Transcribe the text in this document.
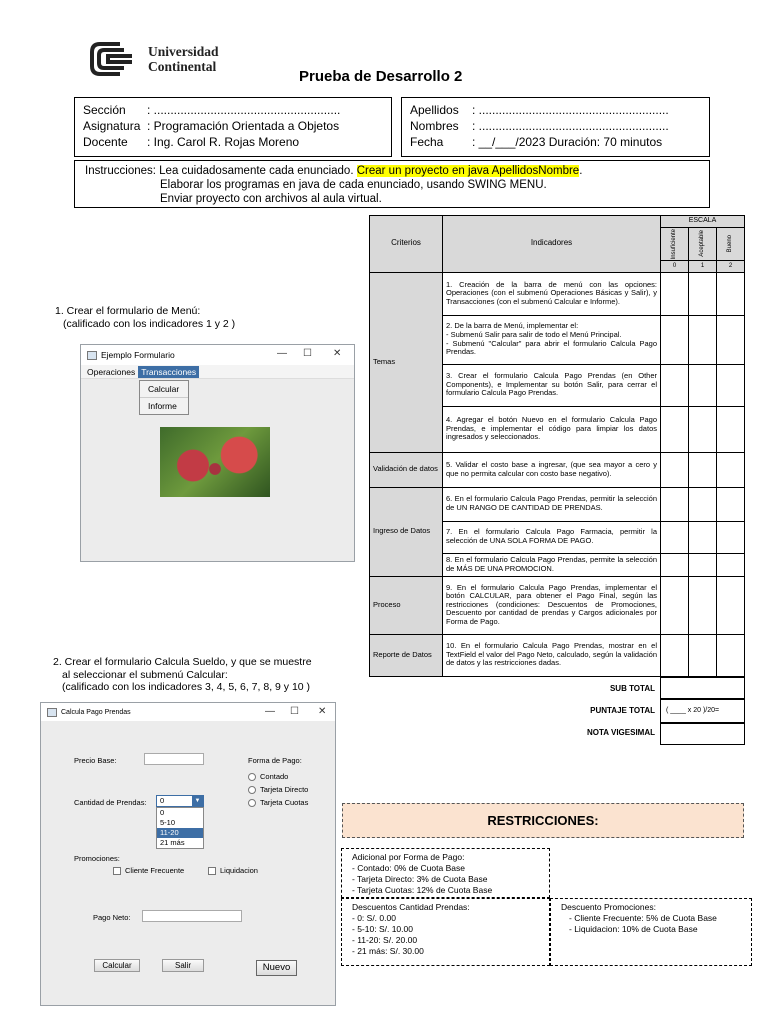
Universidad
Continental
Prueba de Desarrollo 2
Sección	: ........................................................
Asignatura : Programación Orientada a Objetos
Docente	: Ing. Carol R. Rojas Moreno
Apellidos	: .........................................................
Nombres	: .........................................................
Fecha	: __/___/2023 Duración: 70 minutos
Instrucciones: Lea cuidadosamente cada enunciado. Crear un proyecto en java ApellidosNombre.
Elaborar los programas en java de cada enunciado, usando SWING MENU.
Enviar proyecto con archivos al aula virtual.
1. Crear el formulario de Menú:
(calificado con los indicadores 1 y 2 )
Ejemplo Formulario	— ☐ ✕
Operaciones Transacciones
Calcular
Informe
2. Crear el formulario Calcula Sueldo, y que se muestre
al seleccionar el submenú Calcular:
(calificado con los indicadores 3, 4, 5, 6, 7, 8, 9 y 10 )
Calcula Pago Prendas	— ☐ ✕
Precio Base:	Forma de Pago:
Contado
Tarjeta Directo
Tarjeta Cuotas
Cantidad de Prendas:	0	▼
0
5-10
11-20
21 más
Promociones:
Cliente Frecuente	Liquidacion
Pago Neto:
Calcular	Salir	Nuevo
Criterios	Indicadores	ESCALA		

		Insuficiente	Aceptable	Bueno

		0	1	2
Temas	1. Creación de la barra de menú con las opciones: Operaciones (con el submenú Operaciones Básicas y Salir), y Transacciones (con el submenú Calcular e Informe).			
	2. De la barra de Menú, implementar el:
- Submenú Salir para salir de todo el Menú Principal.
- Submenú "Calcular" para abrir el formulario Calcula Pago Prendas.			
	3. Crear el formulario Calcula Pago Prendas (en Other Components), e Implementar su botón Salir, para cerrar el formulario Calcula Pago Prendas.			
	4. Agregar el botón Nuevo en el formulario Calcula Pago Prendas, e implementar el código para limpiar los datos ingresados y seleccionados.			
Validación de datos	5. Validar el costo base a ingresar, (que sea mayor a cero y que no permita calcular con costo base negativo).			
Ingreso de Datos	6. En el formulario Calcula Pago Prendas, permitir la selección de UN RANGO DE CANTIDAD DE PRENDAS.			
	7. En el formulario Calcula Pago Farmacia, permitir la selección de UNA SOLA FORMA DE PAGO.			
	8. En el formulario Calcula Pago Prendas, permite la selección de MÁS DE UNA PROMOCION.			
Proceso	9. En el formulario Calcula Pago Prendas, implementar el botón CALCULAR, para obtener el Pago Final, según las restricciones (condiciones: Descuentos de Promociones, Descuento por cantidad de prendas y Cargos adicionales por Forma de Pago.			
Reporte de Datos	10. En el formulario Calcula Pago Prendas, mostrar en el TextField el valor del Pago Neto, calculado, según la validación de datos y las restricciones dadas.			
SUB TOTAL
PUNTAJE TOTAL	( ____ x 20 )/20=
NOTA VIGESIMAL
RESTRICCIONES:
Adicional por Forma de Pago:
- Contado: 0% de Cuota Base
- Tarjeta Directo: 3% de Cuota Base
- Tarjeta Cuotas: 12% de Cuota Base
Descuentos Cantidad Prendas:
- 0: S/. 0.00
- 5-10: S/. 10.00
- 11-20: S/. 20.00
- 21 más: S/. 30.00
Descuento Promociones:
- Cliente Frecuente: 5% de Cuota Base
- Liquidacion: 10% de Cuota Base
